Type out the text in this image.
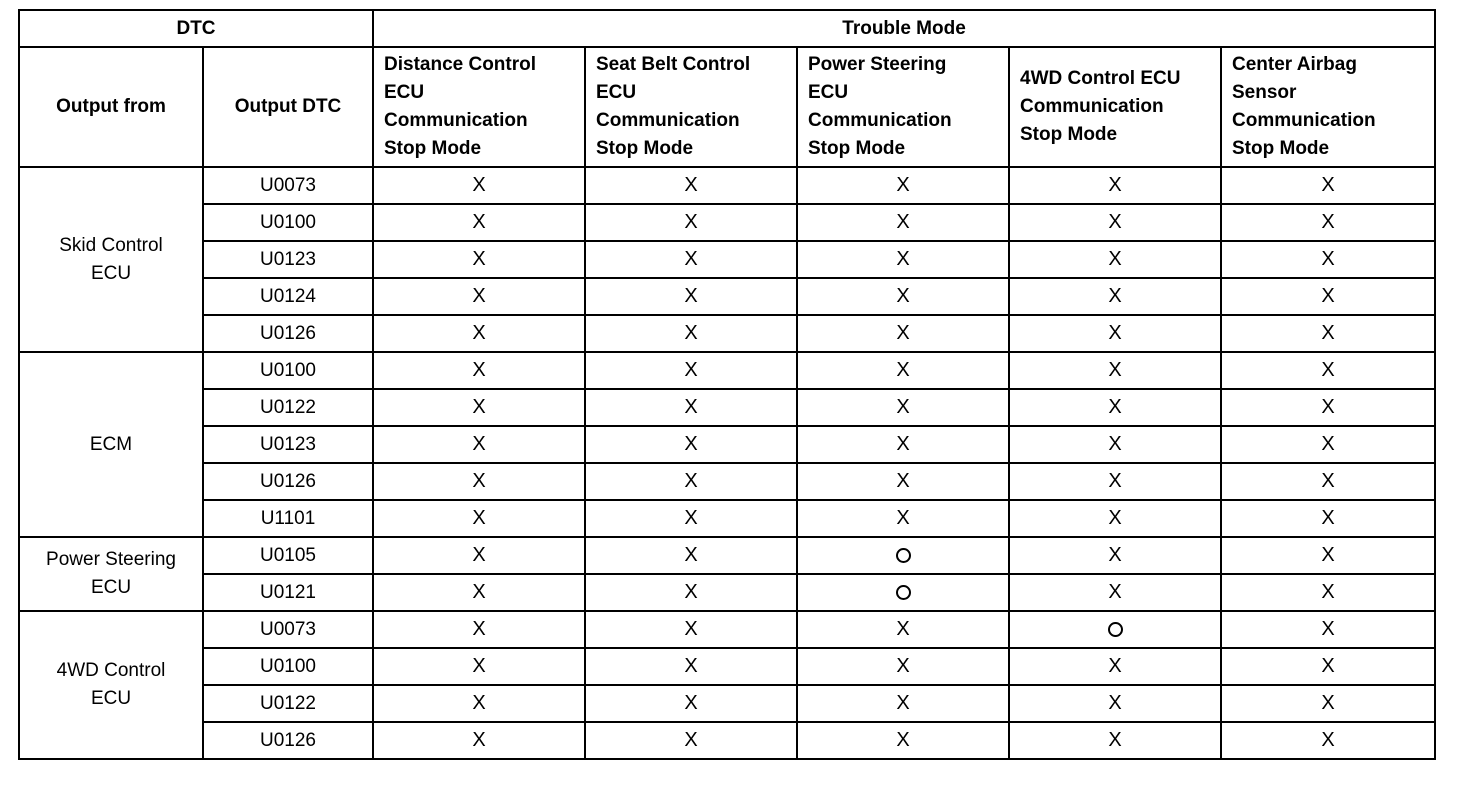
DTC		Trouble Mode				
Output from	Output DTC	Distance Control
ECU
Communication
Stop Mode	Seat Belt Control
ECU
Communication
Stop Mode	Power Steering
ECU
Communication
Stop Mode	4WD Control ECU
Communication
Stop Mode	Center Airbag
Sensor
Communication
Stop Mode
Skid Control
ECU	U0073	X	X	X	X	X
	U0100	X	X	X	X	X
	U0123	X	X	X	X	X
	U0124	X	X	X	X	X
	U0126	X	X	X	X	X
ECM	U0100	X	X	X	X	X
	U0122	X	X	X	X	X
	U0123	X	X	X	X	X
	U0126	X	X	X	X	X
	U1101	X	X	X	X	X
Power Steering
ECU	U0105	X	X		X	X
	U0121	X	X		X	X
4WD Control
ECU	U0073	X	X	X		X
	U0100	X	X	X	X	X
	U0122	X	X	X	X	X
	U0126	X	X	X	X	X
